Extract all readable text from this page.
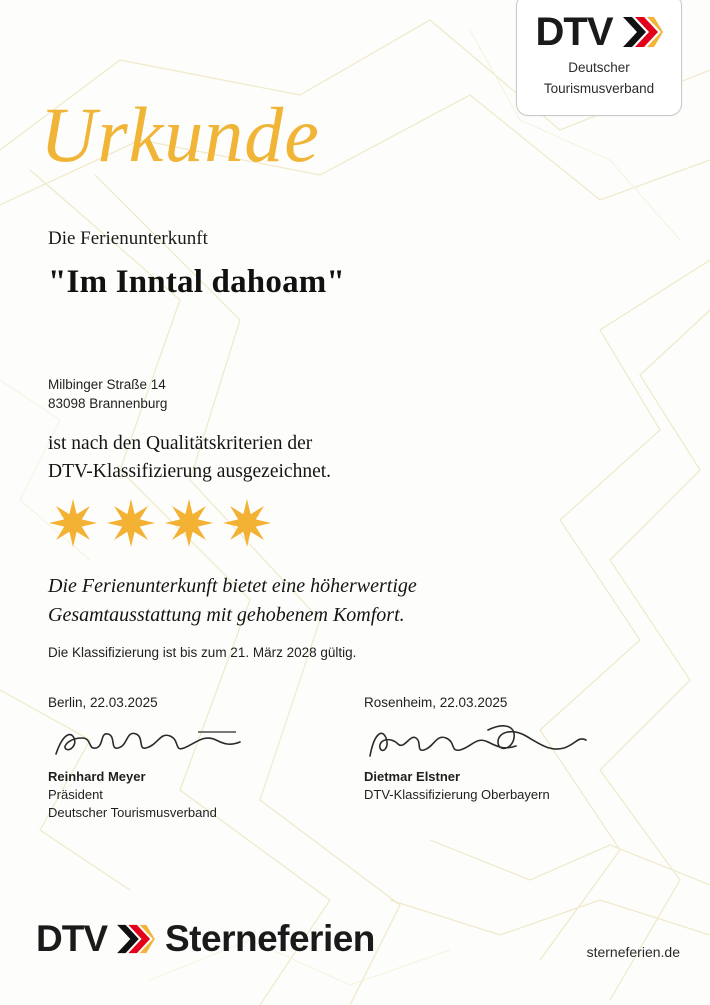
DTV
Deutscher
Tourismusverband
Urkunde
Die Ferienunterkunft
"Im Inntal dahoam"
Milbinger Straße 14
83098 Brannenburg
ist nach den Qualitätskriterien der
DTV-Klassifizierung ausgezeichnet.
Die Ferienunterkunft bietet eine höherwertige
Gesamtausstattung mit gehobenem Komfort.
Die Klassifizierung ist bis zum 21. März 2028 gültig.
Berlin, 22.03.2025
Reinhard Meyer
Präsident
Deutscher Tourismusverband
Rosenheim, 22.03.2025
Dietmar Elstner
DTV-Klassifizierung Oberbayern
DTV Sterneferien	sterneferien.de
